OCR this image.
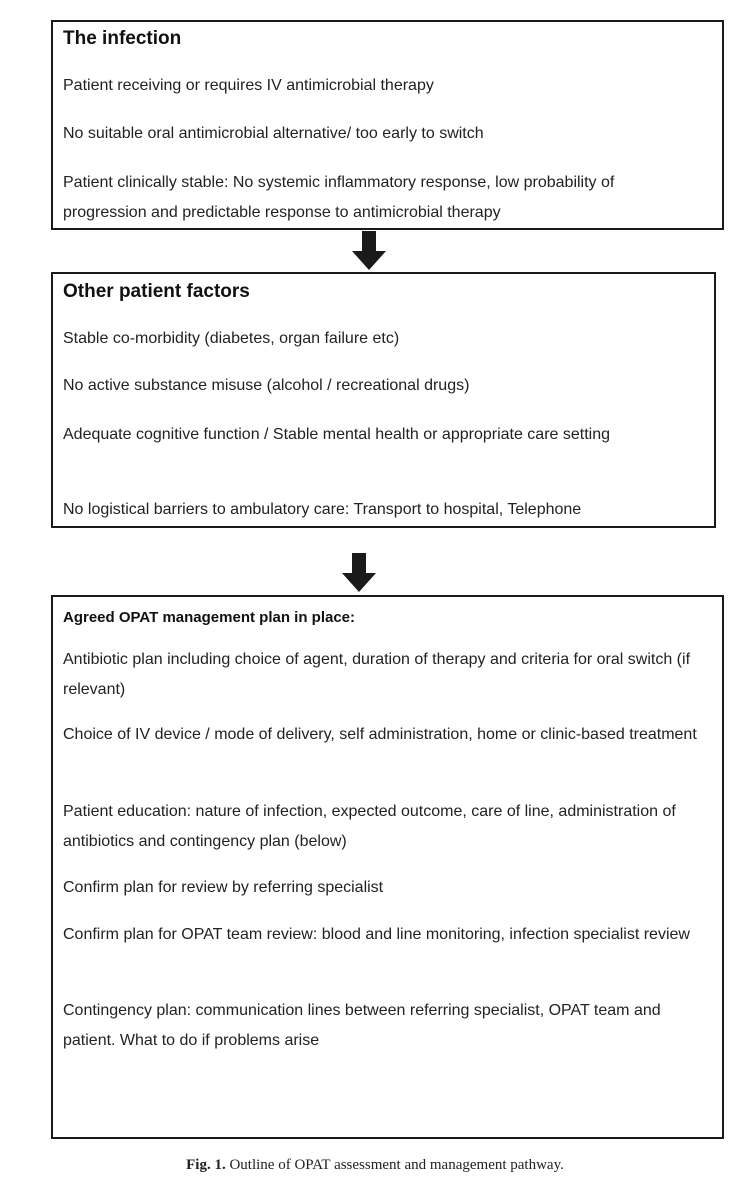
The infection
Patient receiving or requires IV antimicrobial therapy
No suitable oral antimicrobial alternative/ too early to switch
Patient clinically stable: No systemic inflammatory response, low probability of progression and predictable response to antimicrobial therapy
Other patient factors
Stable co-morbidity (diabetes, organ failure etc)
No active substance misuse (alcohol / recreational drugs)
Adequate cognitive function / Stable mental health or appropriate care setting
No logistical barriers to ambulatory care: Transport to hospital, Telephone
Agreed OPAT management plan in place:
Antibiotic plan including choice of agent, duration of therapy and criteria for oral switch (if relevant)
Choice of IV device / mode of delivery, self administration, home or clinic-based treatment
Patient education: nature of infection, expected outcome, care of line, administration of antibiotics and contingency plan (below)
Confirm plan for review by referring specialist
Confirm plan for OPAT team review: blood and line monitoring, infection specialist review
Contingency plan: communication lines between referring specialist, OPAT team and patient. What to do if problems arise
Fig. 1. Outline of OPAT assessment and management pathway.
